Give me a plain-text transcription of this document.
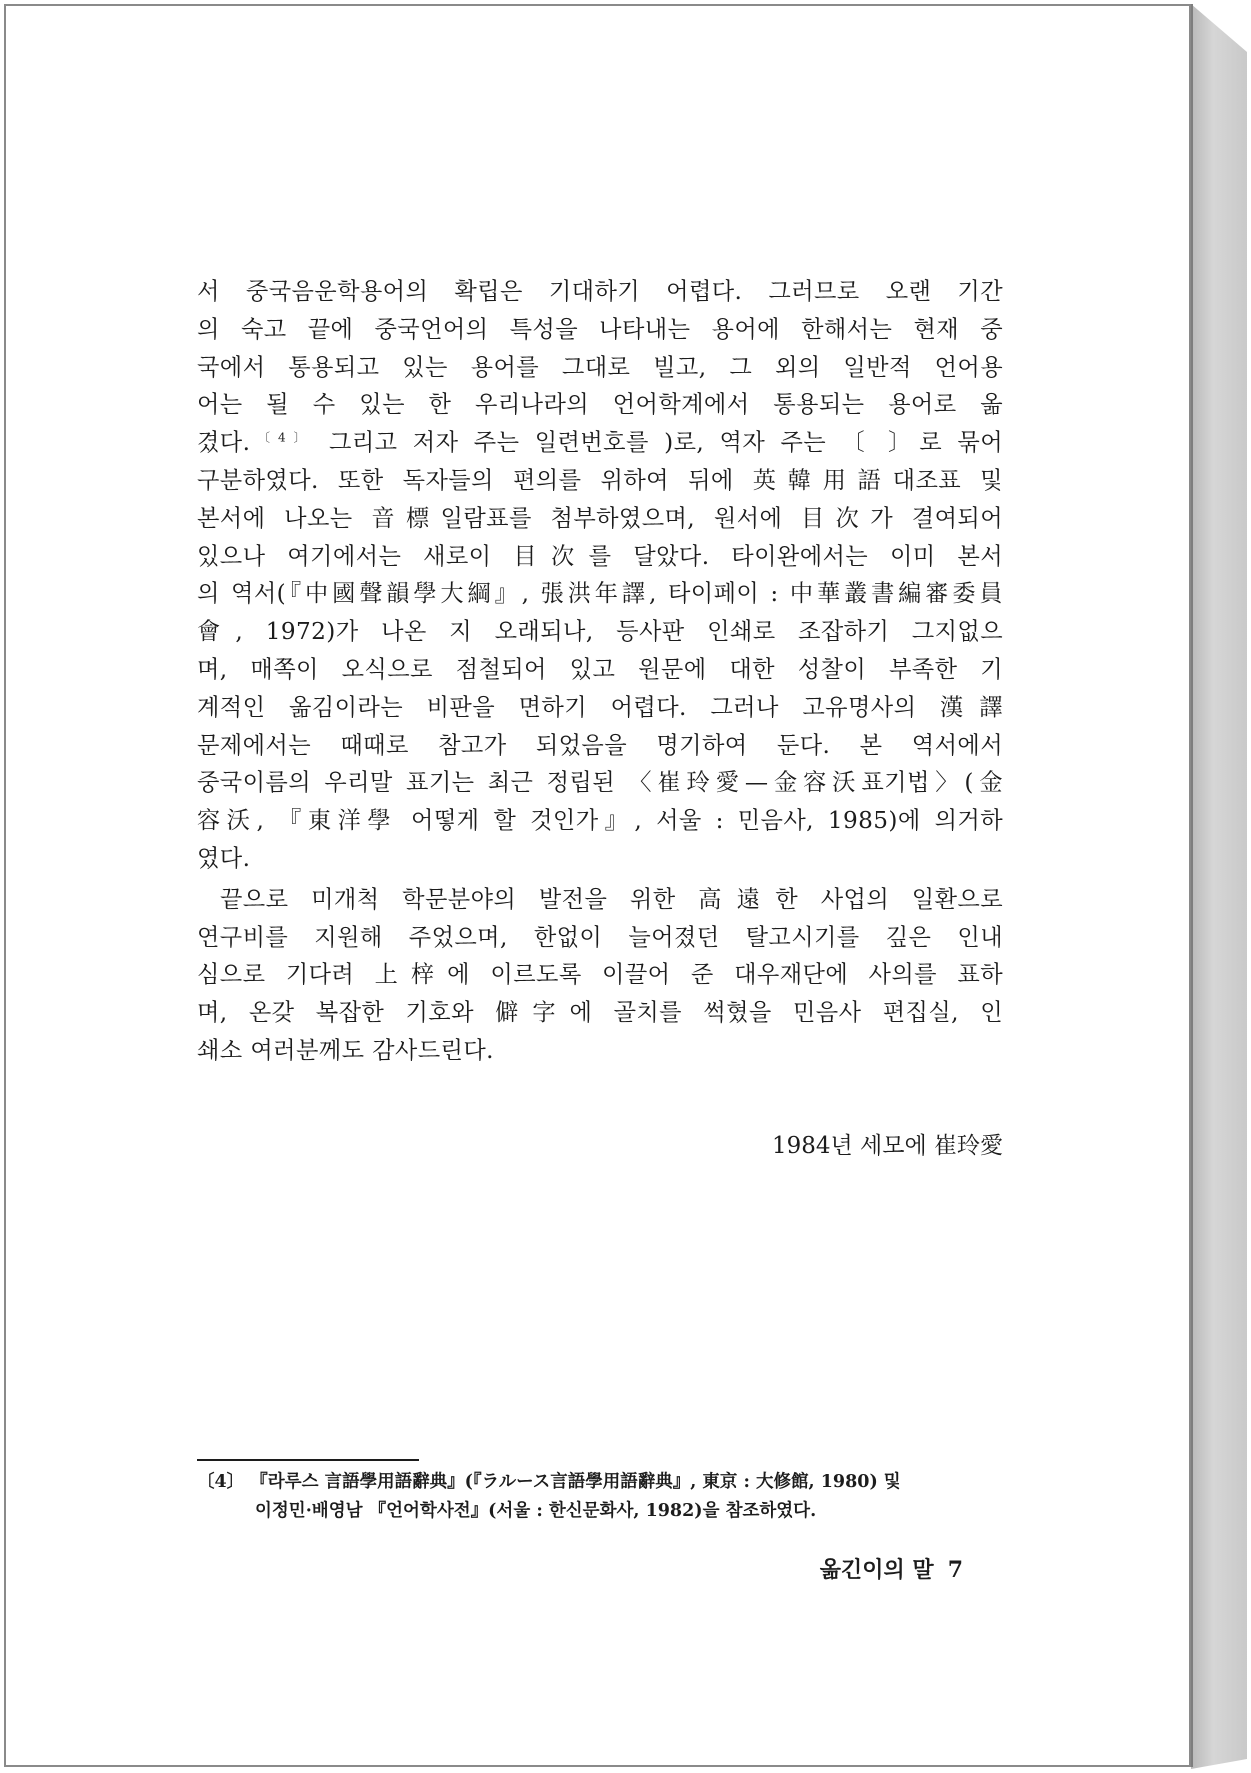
서 중국음운학용어의 확립은 기대하기 어렵다. 그러므로 오랜 기간
의 숙고 끝에 중국언어의 특성을 나타내는 용어에 한해서는 현재 중
국에서 통용되고 있는 용어를 그대로 빌고, 그 외의 일반적 언어용
어는 될 수 있는 한 우리나라의 언어학계에서 통용되는 용어로 옮
겼다.$^{〔4〕}$ 그리고 저자 주는 일련번호를 )로, 역자 주는 〔 〕로 묶어
구분하였다. 또한 독자들의 편의를 위하여 뒤에 英韓用語대조표 및
본서에 나오는 音標일람표를 첨부하였으며, 원서에 目次가 결여되어
있으나 여기에서는 새로이 目次를 달았다. 타이완에서는 이미 본서
의 역서(『中國聲韻學大綱』, 張洪年譯, 타이페이 : 中華叢書編審委員
會, 1972)가 나온 지 오래되나, 등사판 인쇄로 조잡하기 그지없으
며, 매쪽이 오식으로 점철되어 있고 원문에 대한 성찰이 부족한 기
계적인 옮김이라는 비판을 면하기 어렵다. 그러나 고유명사의 漢譯
문제에서는 때때로 참고가 되었음을 명기하여 둔다. 본 역서에서
중국이름의 우리말 표기는 최근 정립된 〈崔玲愛—金容沃표기법〉(金
容沃, 『東洋學 어떻게 할 것인가』, 서울 : 민음사, 1985)에 의거하
였다.

끝으로 미개척 학문분야의 발전을 위한 高遠한 사업의 일환으로
연구비를 지원해 주었으며, 한없이 늘어졌던 탈고시기를 깊은 인내
심으로 기다려 上梓에 이르도록 이끌어 준 대우재단에 사의를 표하
며, 온갖 복잡한 기호와 僻字에 골치를 썩혔을 민음사 편집실, 인
쇄소 여러분께도 감사드린다.

1984년 세모에 崔玲愛
〔4〕 『라루스 言語學用語辭典』(『ラルース言語學用語辭典』, 東京 : 大修館, 1980) 및
이정민·배영남 『언어학사전』(서울 : 한신문화사, 1982)을 참조하였다.
옮긴이의 말 7
